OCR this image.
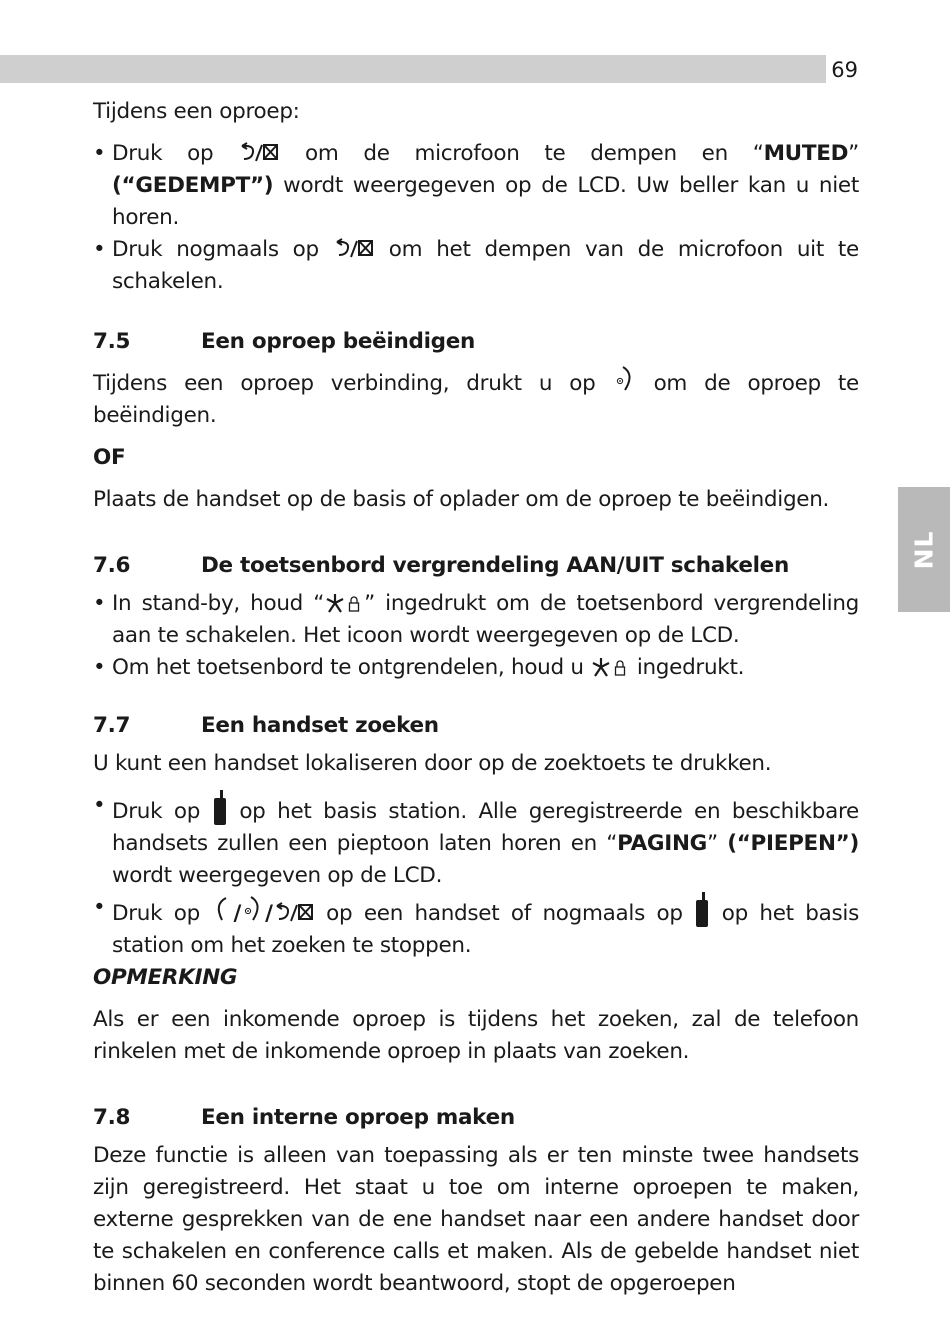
69
NL

Tijdens een oproep:

• Druk op	om de microfoon te dempen en “MUTED” (“GEDEMPT”) wordt weergegeven op de LCD. Uw beller kan u niet horen.
• Druk nogmaals op	om het dempen van de microfoon uit te schakelen.
7.5	Een oproep beëindigen

Tijdens een oproep verbinding, drukt u op	om de oproep te beëindigen.

OF

Plaats de handset op de basis of oplader om de oproep te beëindigen.

7.6	De toetsenbord vergrendeling AAN/UIT schakelen
• In stand-by, houd “ ” ingedrukt om de toetsenbord vergrendeling aan te schakelen. Het icoon wordt weergegeven op de LCD.
• Om het toetsenbord te ontgrendelen, houd u ingedrukt.
7.7	Een handset zoeken

U kunt een handset lokaliseren door op de zoektoets te drukken.

• Druk op op het basis station. Alle geregistreerde en beschikbare handsets zullen een pieptoon laten horen en “PAGING” (“PIEPEN”) wordt weergegeven op de LCD.
• Druk op / / op een handset of nogmaals op op het basis station om het zoeken te stoppen.

OPMERKING

Als er een inkomende oproep is tijdens het zoeken, zal de telefoon rinkelen met de inkomende oproep in plaats van zoeken.

7.8	Een interne oproep maken

Deze functie is alleen van toepassing als er ten minste twee handsets zijn geregistreerd. Het staat u toe om interne oproepen te maken, externe gesprekken van de ene handset naar een andere handset door te schakelen en conference calls et maken. Als de gebelde handset niet binnen 60 seconden wordt beantwoord, stopt de opgeroepen
